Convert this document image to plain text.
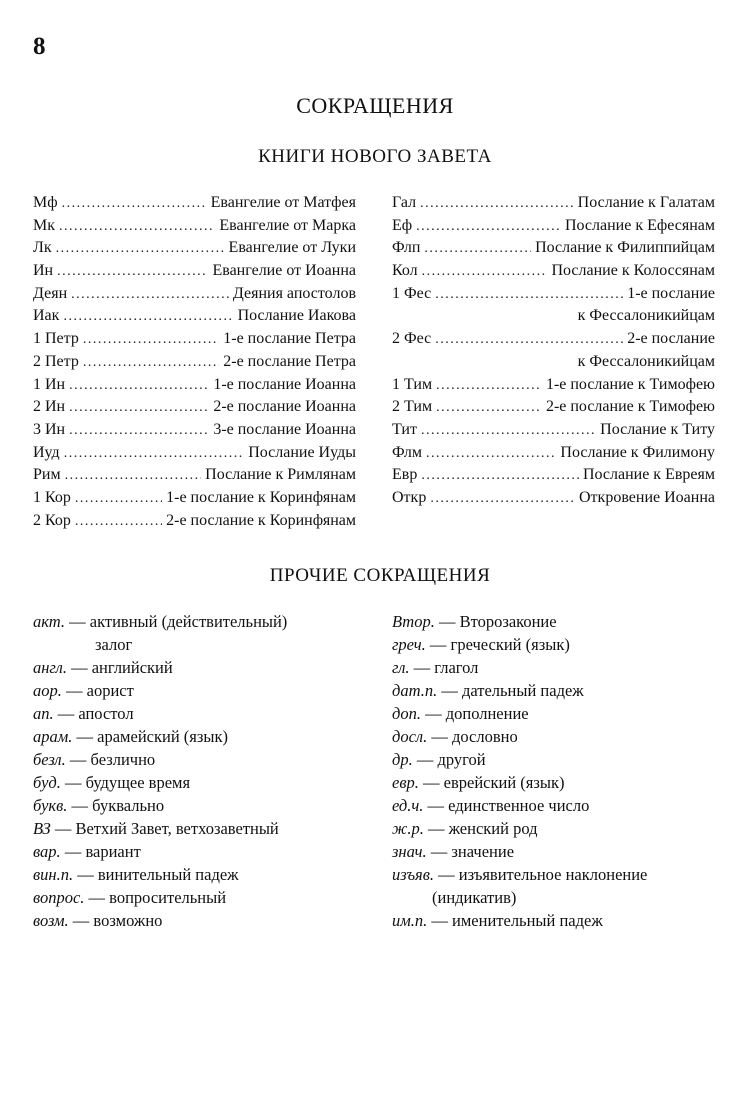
8
СОКРАЩЕНИЯ
КНИГИ НОВОГО ЗАВЕТА
Мф .....	Евангелие от Матфея
Мк .....	Евангелие от Марка
Лк .....	Евангелие от Луки
Ин .....	Евангелие от Иоанна
Деян .....	Деяния апостолов
Иак .....	Послание Иакова
1 Петр .....	1-е послание Петра
2 Петр .....	2-е послание Петра
1 Ин .....	1-е послание Иоанна
2 Ин .....	2-е послание Иоанна
3 Ин .....	3-е послание Иоанна
Иуд .....	Послание Иуды
Рим .....	Послание к Римлянам
1 Кор .....	1-е послание к Коринфянам
2 Кор .....	2-е послание к Коринфянам
Гал .....	Послание к Галатам
Еф .....	Послание к Ефесянам
Флп .....	Послание к Филиппийцам
Кол .....	Послание к Колоссянам
1 Фес .....	1-е послание
к Фессалоникийцам
2 Фес .....	2-е послание
к Фессалоникийцам
1 Тим .....	1-е послание к Тимофею
2 Тим .....	2-е послание к Тимофею
Тит .....	Послание к Титу
Флм .....	Послание к Филимону
Евр .....	Послание к Евреям
Откр .....	Откровение Иоанна
ПРОЧИЕ СОКРАЩЕНИЯ
акт. — активный (действительный)
залог
англ. — английский
аор. — аорист
ап. — апостол
арам. — арамейский (язык)
безл. — безлично
буд. — будущее время
букв. — буквально
ВЗ — Ветхий Завет, ветхозаветный
вар. — вариант
вин.п. — винительный падеж
вопрос. — вопросительный
возм. — возможно
Втор. — Второзаконие
греч. — греческий (язык)
гл. — глагол
дат.п. — дательный падеж
доп. — дополнение
досл. — дословно
др. — другой
евр. — еврейский (язык)
ед.ч. — единственное число
ж.р. — женский род
знач. — значение
изъяв. — изъявительное наклонение
(индикатив)
им.п. — именительный падеж
